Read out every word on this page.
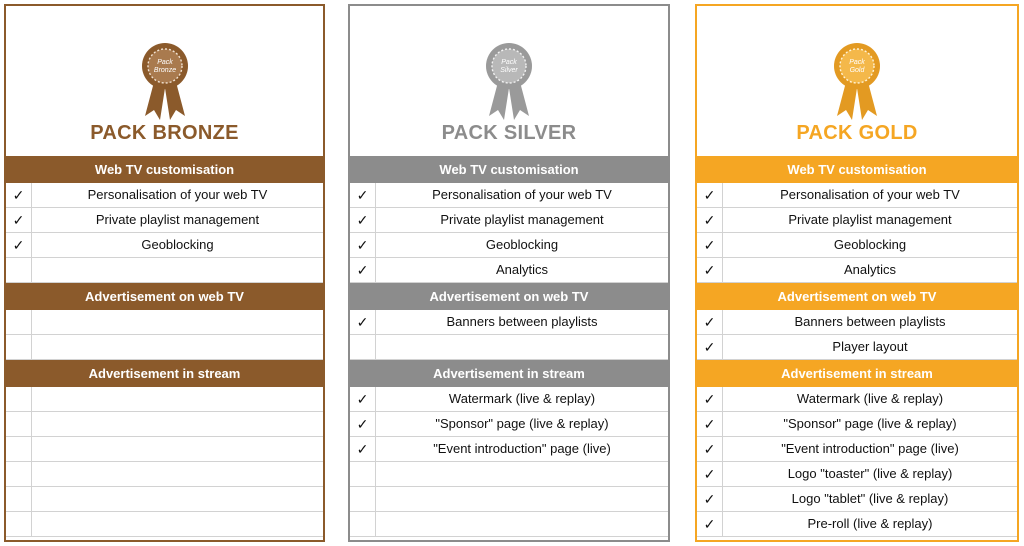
Pack
Bronze
PACK BRONZE
Web TV customisation
✓	Personalisation of your web TV
✓	Private playlist management
✓	Geoblocking
Advertisement on web TV
Advertisement in stream
Pack
Silver
PACK SILVER
Web TV customisation
✓	Personalisation of your web TV
✓	Private playlist management
✓	Geoblocking
✓	Analytics
Advertisement on web TV
✓	Banners between playlists
Advertisement in stream
✓	Watermark (live & replay)
✓	"Sponsor" page (live & replay)
✓	"Event introduction" page (live)
Pack
Gold
PACK GOLD
Web TV customisation
✓	Personalisation of your web TV
✓	Private playlist management
✓	Geoblocking
✓	Analytics
Advertisement on web TV
✓	Banners between playlists
✓	Player layout
Advertisement in stream
✓	Watermark (live & replay)
✓	"Sponsor" page (live & replay)
✓	"Event introduction" page (live)
✓	Logo "toaster" (live & replay)
✓	Logo "tablet" (live & replay)
✓	Pre-roll (live & replay)
